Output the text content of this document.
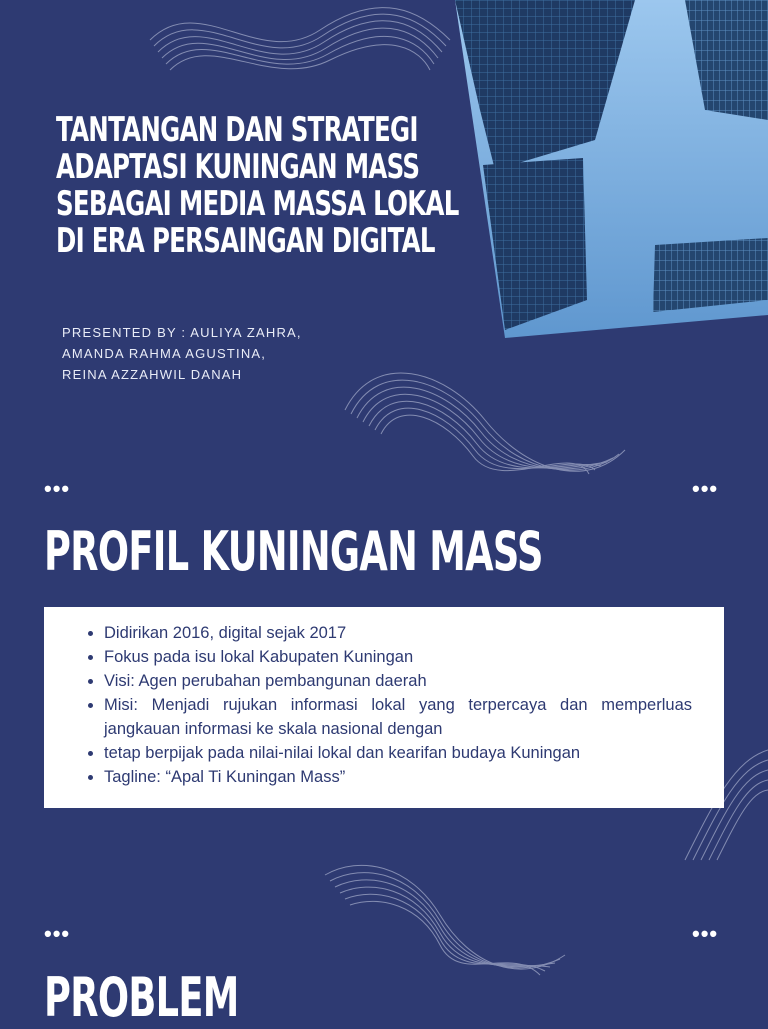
TANTANGAN DAN STRATEGI ADAPTASI KUNINGAN MASS SEBAGAI MEDIA MASSA LOKAL DI ERA PERSAINGAN DIGITAL
PRESENTED BY : AULIYA ZAHRA,
AMANDA RAHMA AGUSTINA,
REINA AZZAHWIL DANAH
•••	•••
PROFIL KUNINGAN MASS
• Didirikan 2016, digital sejak 2017
• Fokus pada isu lokal Kabupaten Kuningan
• Visi: Agen perubahan pembangunan daerah
• Misi: Menjadi rujukan informasi lokal yang terpercaya dan memperluas jangkauan informasi ke skala nasional dengan
• tetap berpijak pada nilai-nilai lokal dan kearifan budaya Kuningan
• Tagline: “Apal Ti Kuningan Mass”
•••	•••
PROBLEM
